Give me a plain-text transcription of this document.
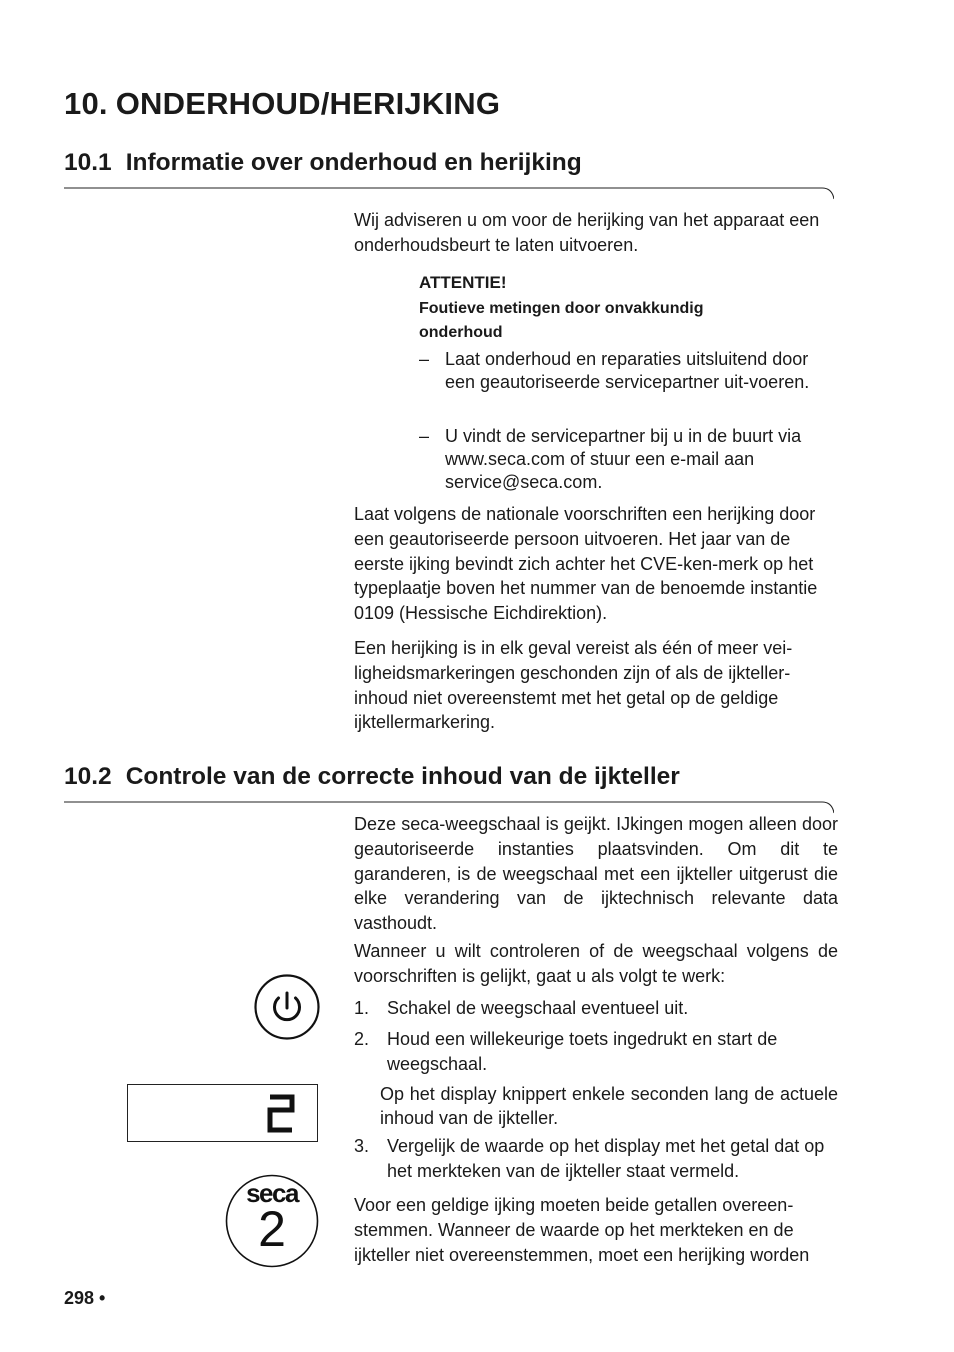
10. ONDERHOUD/HERIJKING
10.1 Informatie over onderhoud en herijking

Wij adviseren u om voor de herijking van het apparaat een onderhoudsbeurt te laten uitvoeren.

ATTENTIE!
Foutieve metingen door onvakkundig onderhoud
– Laat onderhoud en reparaties uitsluitend door een geautoriseerde servicepartner uit-voeren.
– U vindt de servicepartner bij u in de buurt via www.seca.com of stuur een e-mail aan service@seca.com.

Laat volgens de nationale voorschriften een herijking door een geautoriseerde persoon uitvoeren. Het jaar van de eerste ijking bevindt zich achter het CVE-ken-merk op het typeplaatje boven het nummer van de benoemde instantie 0109 (Hessische Eichdirektion).

Een herijking is in elk geval vereist als één of meer vei-ligheidsmarkeringen geschonden zijn of als de ijkteller-inhoud niet overeenstemt met het getal op de geldige ijktellermarkering.

10.2 Controle van de correcte inhoud van de ijkteller

Deze seca-weegschaal is geijkt. IJkingen mogen alleen door geautoriseerde instanties plaatsvinden. Om dit te garanderen, is de weegschaal met een ijkteller uitgerust die elke verandering van de ijktechnisch relevante data vasthoudt.

Wanneer u wilt controleren of de weegschaal volgens de voorschriften is gelijkt, gaat u als volgt te werk:

1. Schakel de weegschaal eventueel uit.
2. Houd een willekeurige toets ingedrukt en start de weegschaal.

Op het display knippert enkele seconden lang de actuele inhoud van de ijkteller.

3. Vergelijk de waarde op het display met het getal dat op het merkteken van de ijkteller staat vermeld.

Voor een geldige ijking moeten beide getallen overeen-stemmen. Wanneer de waarde op het merkteken en de ijkteller niet overeenstemmen, moet een herijking worden

seca
2
298 •
